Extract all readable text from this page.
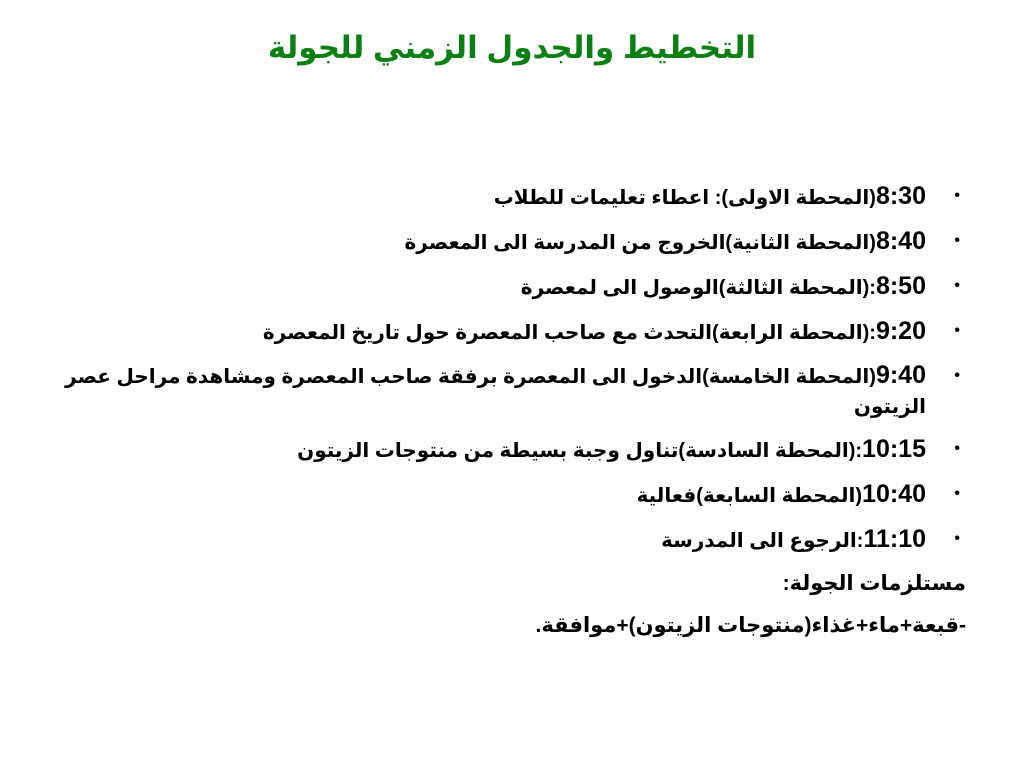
التخطيط والجدول الزمني للجولة
•
8:30(المحطة الاولى): اعطاء تعليمات للطلاب
•
8:40(المحطة الثانية)الخروج من المدرسة الى المعصرة
•
8:50:(المحطة الثالثة)الوصول الى لمعصرة
•
9:20:(المحطة الرابعة)التحدث مع صاحب المعصرة حول تاريخ المعصرة
•
9:40(المحطة الخامسة)الدخول الى المعصرة برفقة صاحب المعصرة ومشاهدة مراحل عصر الزيتون
•
10:15:(المحطة السادسة)تناول وجبة بسيطة من منتوجات الزيتون
•
10:40(المحطة السابعة)فعالية
•
11:10:الرجوع الى المدرسة
مستلزمات الجولة:
-قبعة+ماء+غذاء(منتوجات الزيتون)+موافقة.
